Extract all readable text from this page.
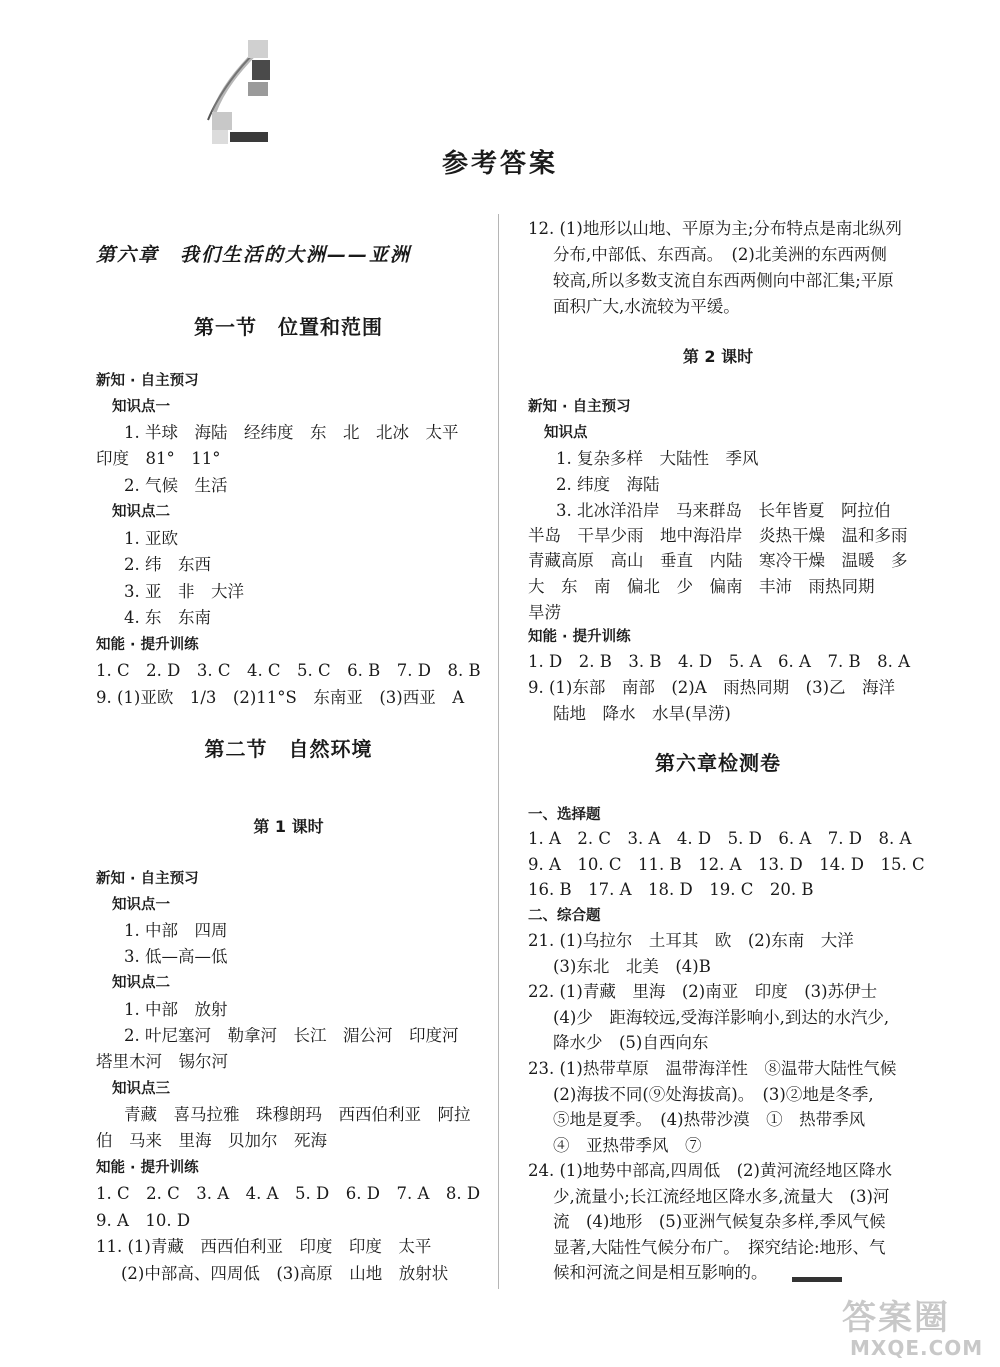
参考答案
第六章　我们生活的大洲——亚洲
第一节　位置和范围
新知 · 自主预习
知识点一
1. 半球　海陆　经纬度　东　北　北冰　太平
印度　81°　11°
2. 气候　生活
知识点二
1. 亚欧
2. 纬　东西
3. 亚　非　大洋
4. 东　东南
知能 · 提升训练
1. C　2. D　3. C　4. C　5. C　6. B　7. D　8. B
9. (1)亚欧　1/3　(2)11°S　东南亚　(3)西亚　A
第二节　自然环境
第 1 课时
新知 · 自主预习
知识点一
1. 中部　四周
3. 低—高—低
知识点二
1. 中部　放射
2. 叶尼塞河　勒拿河　长江　湄公河　印度河
塔里木河　锡尔河
知识点三
青藏　喜马拉雅　珠穆朗玛　西西伯利亚　阿拉
伯　马来　里海　贝加尔　死海
知能 · 提升训练
1. C　2. C　3. A　4. A　5. D　6. D　7. A　8. D
9. A　10. D
11. (1)青藏　西西伯利亚　印度　印度　太平
(2)中部高、四周低　(3)高原　山地　放射状
12. (1)地形以山地、平原为主;分布特点是南北纵列
分布,中部低、东西高。　(2)北美洲的东西两侧
较高,所以多数支流自东西两侧向中部汇集;平原
面积广大,水流较为平缓。
第 2 课时
新知 · 自主预习
知识点
1. 复杂多样　大陆性　季风
2. 纬度　海陆
3. 北冰洋沿岸　马来群岛　长年皆夏　阿拉伯
半岛　干旱少雨　地中海沿岸　炎热干燥　温和多雨
青藏高原　高山　垂直　内陆　寒冷干燥　温暖　多
大　东　南　偏北　少　偏南　丰沛　雨热同期
旱涝
知能 · 提升训练
1. D　2. B　3. B　4. D　5. A　6. A　7. B　8. A
9. (1)东部　南部　(2)A　雨热同期　(3)乙　海洋
陆地　降水　水旱(旱涝)
第六章检测卷
一、选择题
1. A　2. C　3. A　4. D　5. D　6. A　7. D　8. A
9. A　10. C　11. B　12. A　13. D　14. D　15. C
16. B　17. A　18. D　19. C　20. B
二、综合题
21. (1)乌拉尔　土耳其　欧　(2)东南　大洋
(3)东北　北美　(4)B
22. (1)青藏　里海　(2)南亚　印度　(3)苏伊士
(4)少　距海较远,受海洋影响小,到达的水汽少,
降水少　(5)自西向东
23. (1)热带草原　温带海洋性　⑧温带大陆性气候
(2)海拔不同(⑨处海拔高)。　(3)②地是冬季,
⑤地是夏季。　(4)热带沙漠　①　热带季风
④　亚热带季风　⑦
24. (1)地势中部高,四周低　(2)黄河流经地区降水
少,流量小;长江流经地区降水多,流量大　(3)河
流　(4)地形　(5)亚洲气候复杂多样,季风气候
显著,大陆性气候分布广。　探究结论:地形、气
候和河流之间是相互影响的。
答案圈
MXQE.COM
